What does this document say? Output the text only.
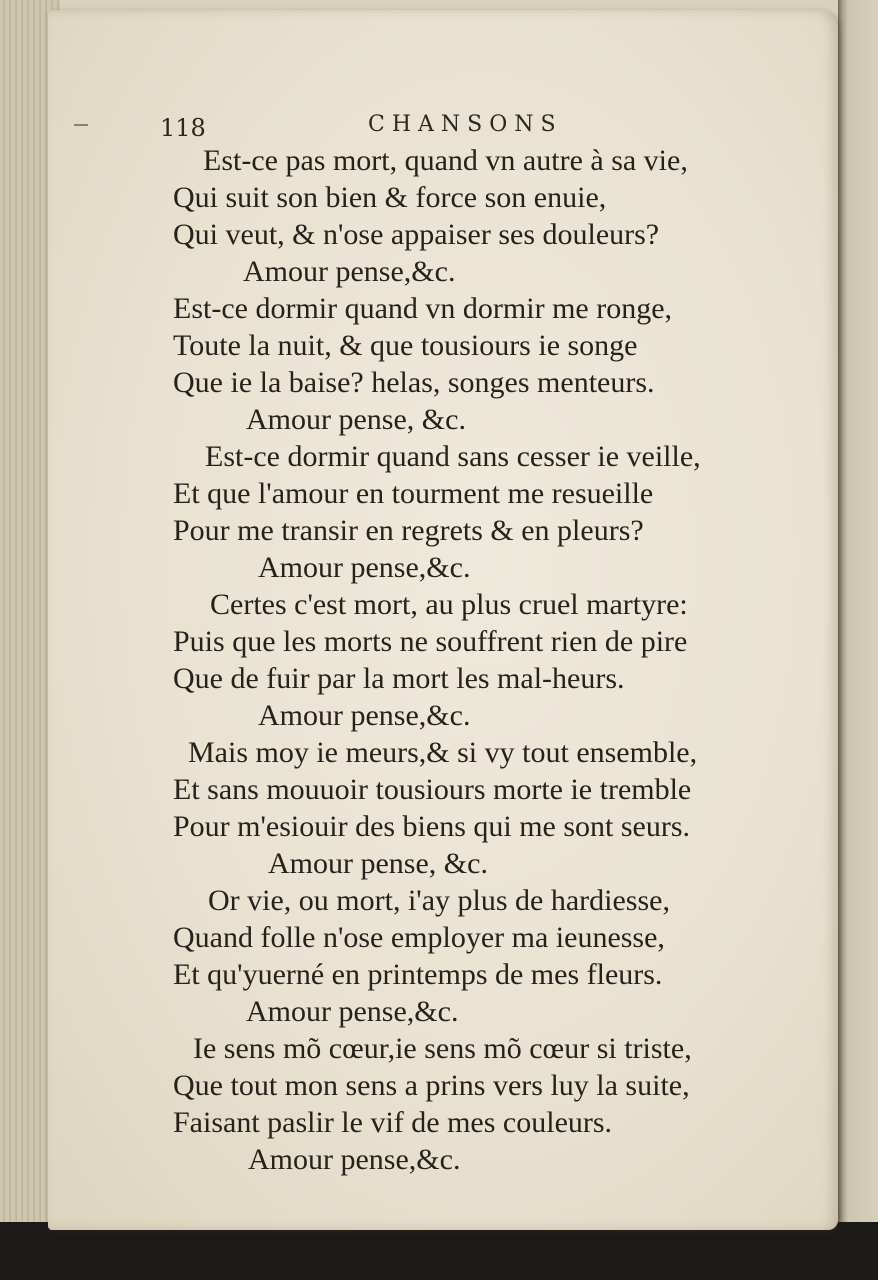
118	CHANSONS
Est-ce pas mort, quand vn autre à sa vie,
Qui suit son bien & force son enuie,
Qui veut, & n'ose appaiser ses douleurs?
Amour pense,&c.
Est-ce dormir quand vn dormir me ronge,
Toute la nuit, & que tousiours ie songe
Que ie la baise? helas, songes menteurs.
Amour pense, &c.
Est-ce dormir quand sans cesser ie veille,
Et que l'amour en tourment me resueille
Pour me transir en regrets & en pleurs?
Amour pense,&c.
Certes c'est mort, au plus cruel martyre:
Puis que les morts ne souffrent rien de pire
Que de fuir par la mort les mal-heurs.
Amour pense,&c.
Mais moy ie meurs,& si vy tout ensemble,
Et sans mouuoir tousiours morte ie tremble
Pour m'esiouir des biens qui me sont seurs.
Amour pense, &c.
Or vie, ou mort, i'ay plus de hardiesse,
Quand folle n'ose employer ma ieunesse,
Et qu'yuerné en printemps de mes fleurs.
Amour pense,&c.
Ie sens mõ cœur,ie sens mõ cœur si triste,
Que tout mon sens a prins vers luy la suite,
Faisant paslir le vif de mes couleurs.
Amour pense,&c.
